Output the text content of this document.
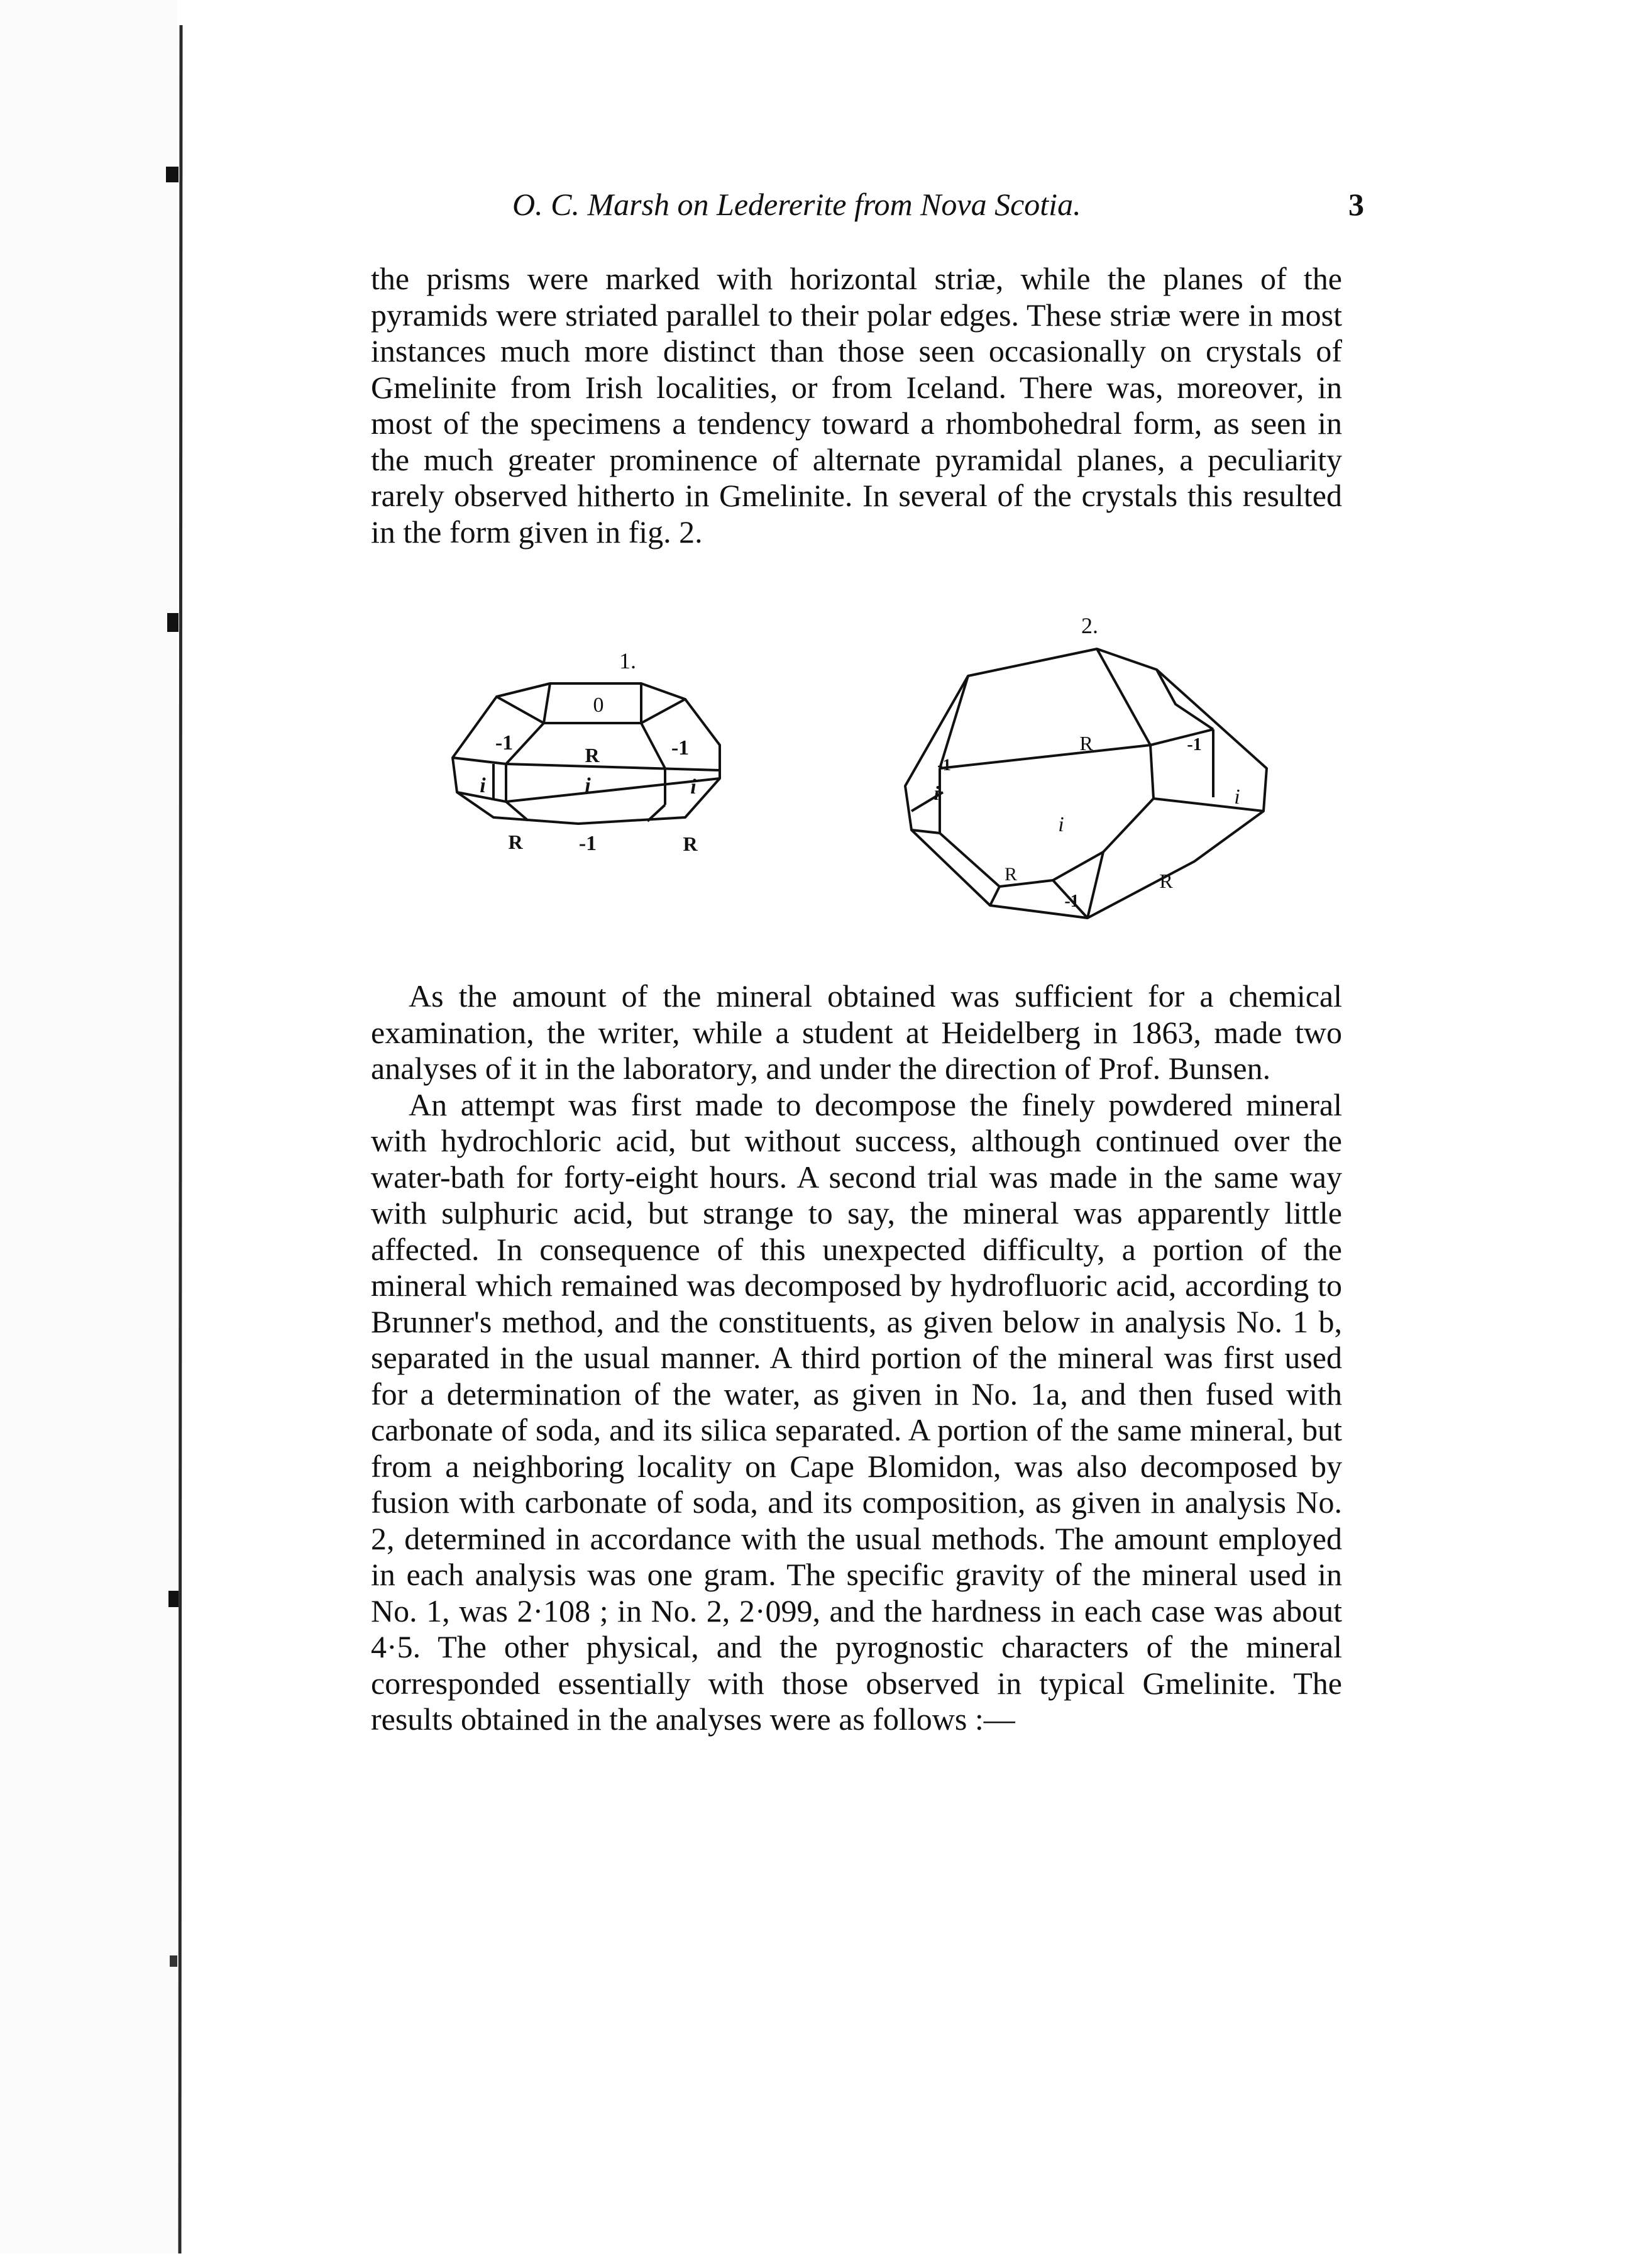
O. C. Marsh on Ledererite from Nova Scotia.	3

the prisms were marked with horizontal striæ, while the planes of the pyramids were striated parallel to their polar edges. These striæ were in most instances much more distinct than those seen occasionally on crystals of Gmelinite from Irish localities, or from Iceland. There was, moreover, in most of the specimens a tendency toward a rhombohedral form, as seen in the much greater prominence of alternate pyramidal planes, a peculiarity rarely observed hitherto in Gmelinite. In several of the crystals this resulted in the form given in fig. 2.

1.
0
-1
R	-1
i	i	i
R	-1	R
2.
-1
R	-1
i
i
i
R
-1
R

As the amount of the mineral obtained was sufficient for a chemical examination, the writer, while a student at Heidelberg in 1863, made two analyses of it in the laboratory, and under the direction of Prof. Bunsen.

An attempt was first made to decompose the finely powdered mineral with hydrochloric acid, but without success, although continued over the water-bath for forty-eight hours. A second trial was made in the same way with sulphuric acid, but strange to say, the mineral was apparently little affected. In consequence of this unexpected difficulty, a portion of the mineral which remained was decomposed by hydrofluoric acid, according to Brunner's method, and the constituents, as given below in analysis No. 1 b, separated in the usual manner. A third portion of the mineral was first used for a determination of the water, as given in No. 1a, and then fused with carbonate of soda, and its silica separated. A portion of the same mineral, but from a neighboring locality on Cape Blomidon, was also decomposed by fusion with carbonate of soda, and its composition, as given in analysis No. 2, determined in accordance with the usual methods. The amount employed in each analysis was one gram. The specific gravity of the mineral used in No. 1, was 2·108 ; in No. 2, 2·099, and the hardness in each case was about 4·5. The other physical, and the pyrognostic characters of the mineral corresponded essentially with those observed in typical Gmelinite. The results obtained in the analyses were as follows :—
